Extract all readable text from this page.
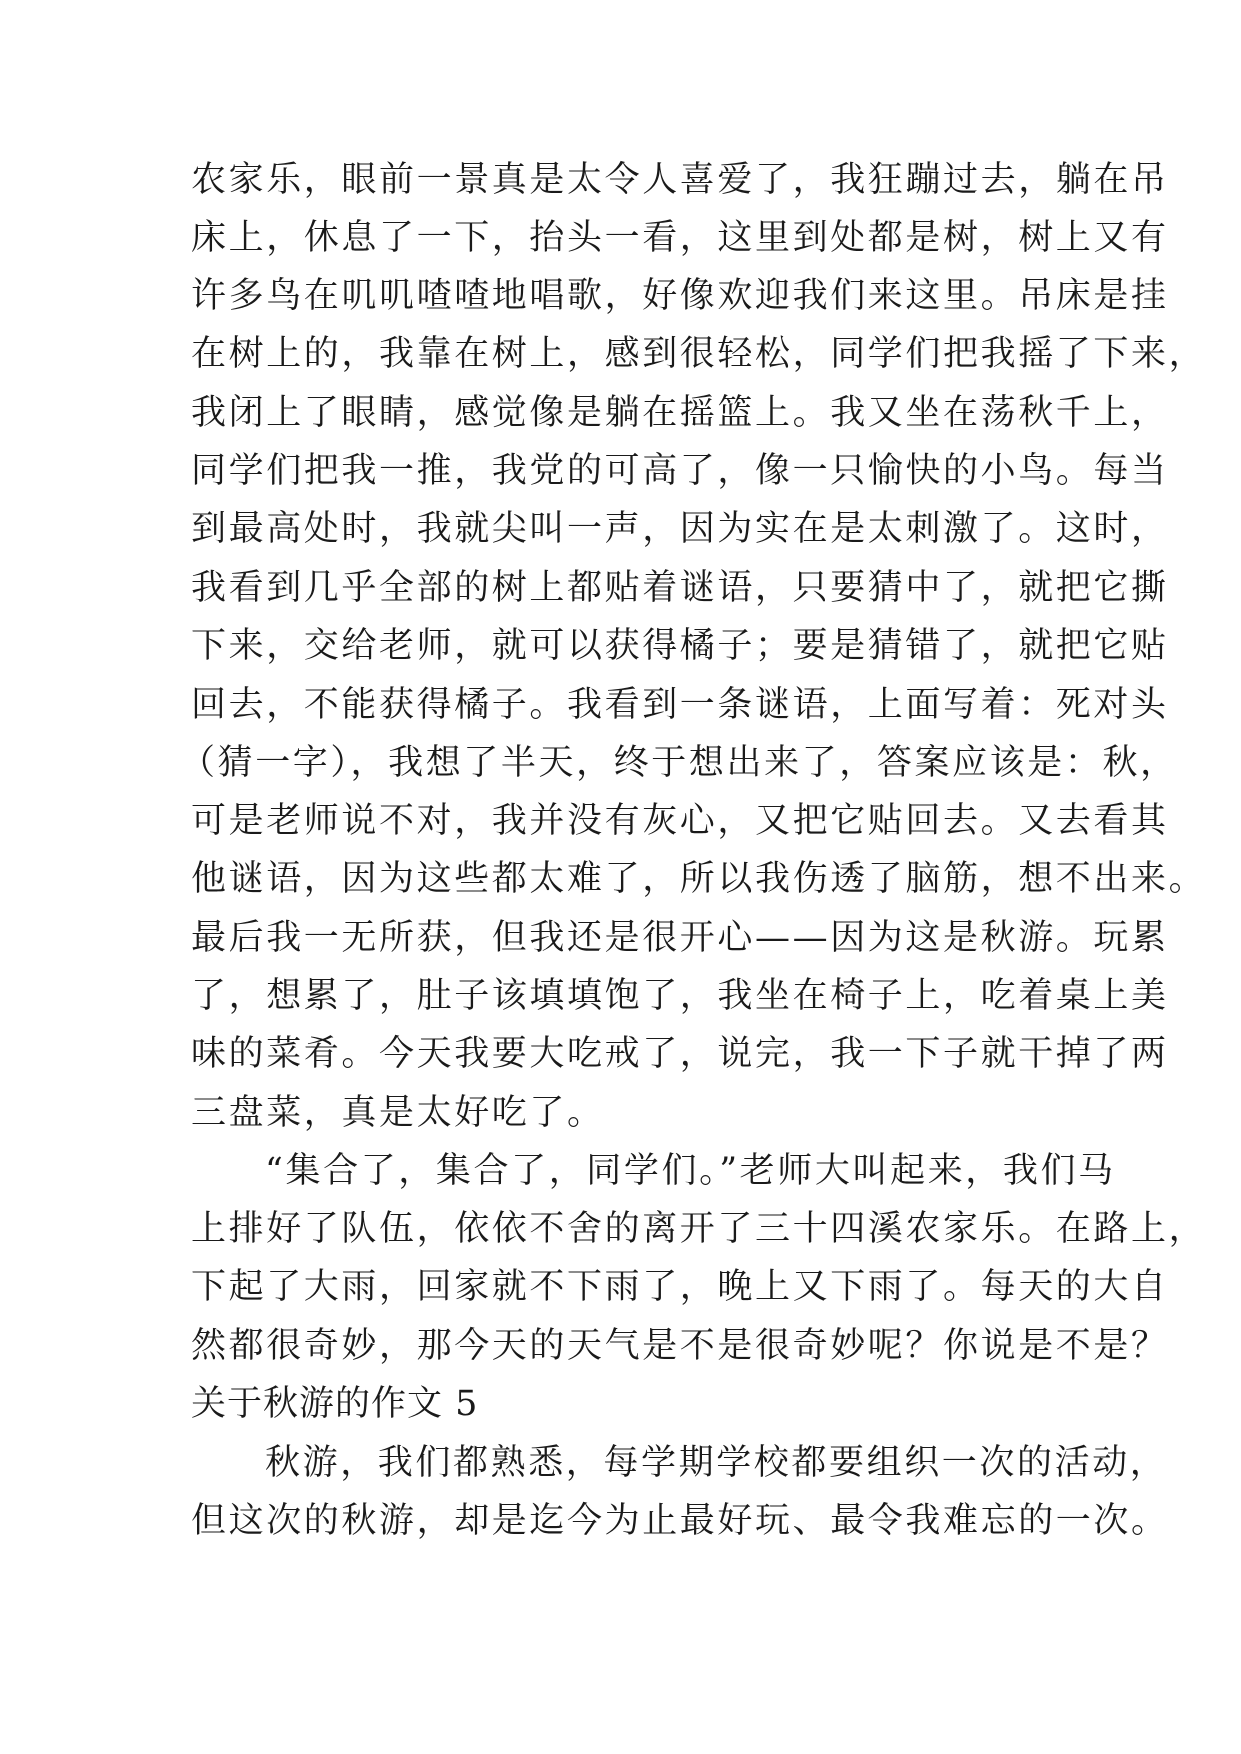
农家乐，眼前一景真是太令人喜爱了，我狂蹦过去，躺在吊
床上，休息了一下，抬头一看，这里到处都是树，树上又有
许多鸟在叽叽喳喳地唱歌，好像欢迎我们来这里。吊床是挂
在树上的，我靠在树上，感到很轻松，同学们把我摇了下来，
我闭上了眼睛，感觉像是躺在摇篮上。我又坐在荡秋千上，
同学们把我一推，我党的可高了，像一只愉快的小鸟。每当
到最高处时，我就尖叫一声，因为实在是太刺激了。这时，
我看到几乎全部的树上都贴着谜语，只要猜中了，就把它撕
下来，交给老师，就可以获得橘子；要是猜错了，就把它贴
回去，不能获得橘子。我看到一条谜语，上面写着：死对头
（猜一字），我想了半天，终于想出来了，答案应该是：秋，
可是老师说不对，我并没有灰心，又把它贴回去。又去看其
他谜语，因为这些都太难了，所以我伤透了脑筋，想不出来。
最后我一无所获，但我还是很开心——因为这是秋游。玩累
了，想累了，肚子该填填饱了，我坐在椅子上，吃着桌上美
味的菜肴。今天我要大吃戒了，说完，我一下子就干掉了两
三盘菜，真是太好吃了。
“集合了，集合了，同学们。”老师大叫起来，我们马
上排好了队伍，依依不舍的离开了三十四溪农家乐。在路上，
下起了大雨，回家就不下雨了，晚上又下雨了。每天的大自
然都很奇妙，那今天的天气是不是很奇妙呢？你说是不是？
关于秋游的作文 5
秋游，我们都熟悉，每学期学校都要组织一次的活动，
但这次的秋游，却是迄今为止最好玩、最令我难忘的一次。
